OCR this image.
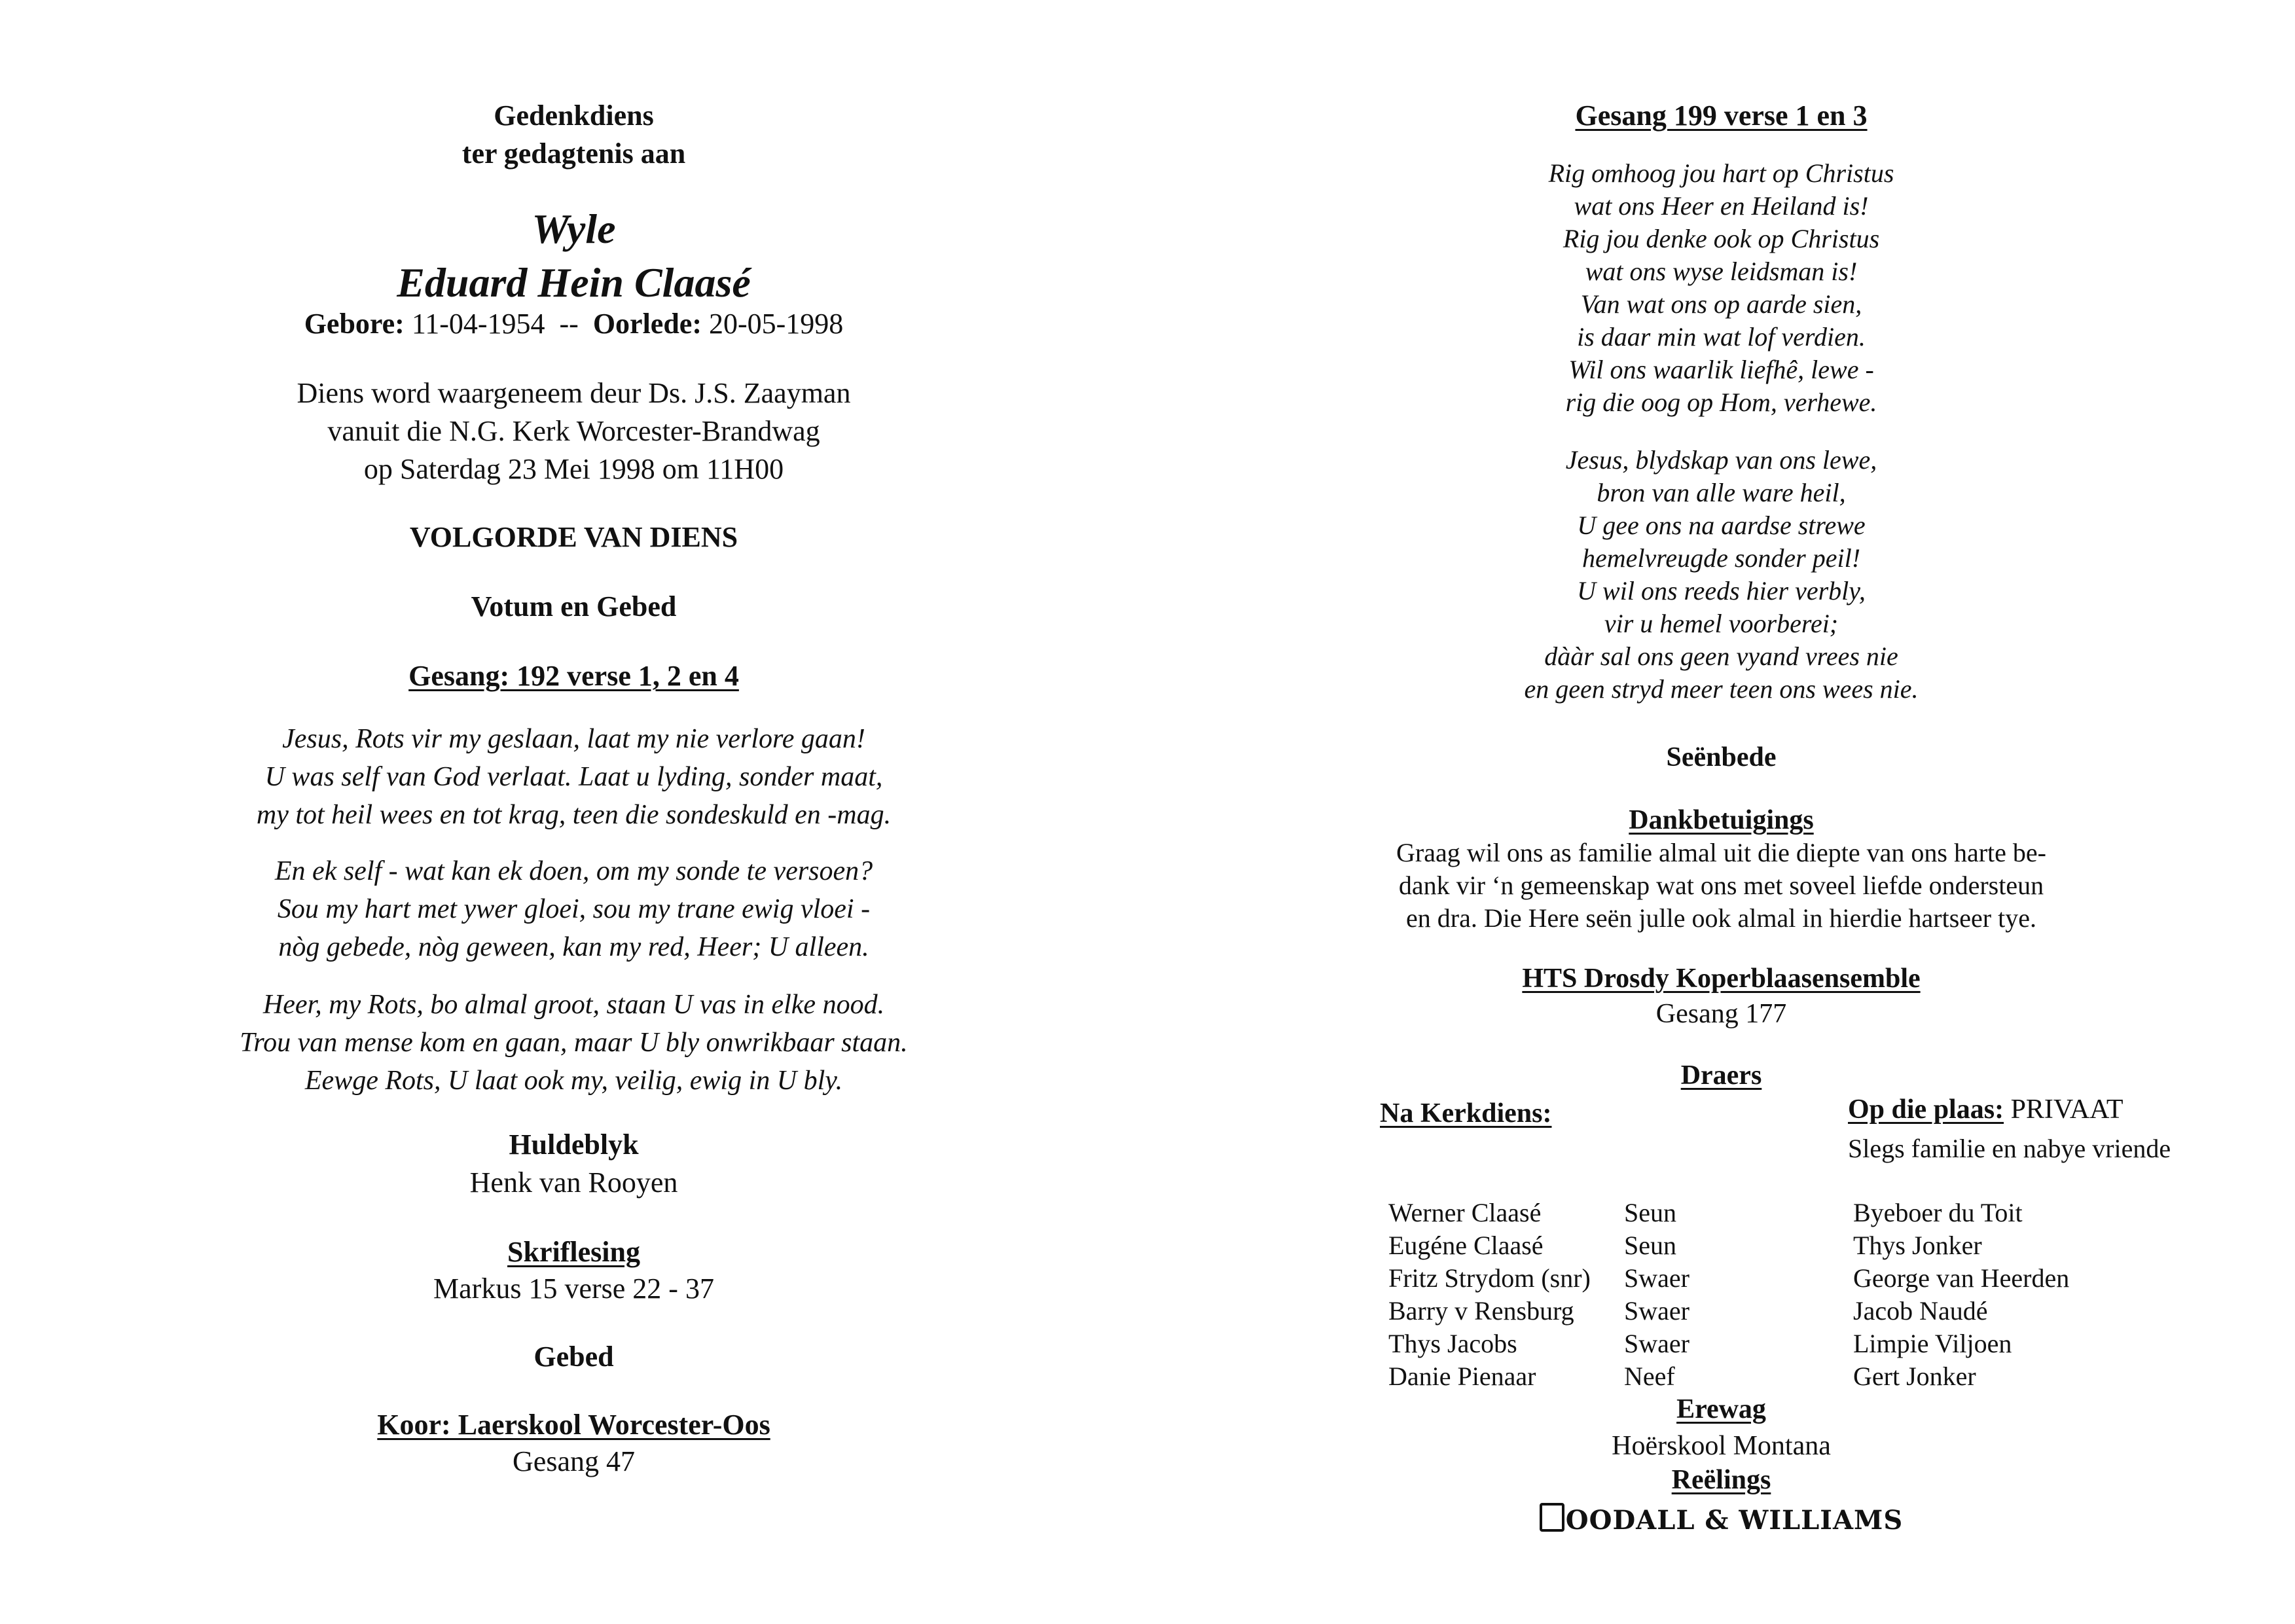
Gedenkdiens
ter gedagtenis aan
Wyle
Eduard Hein Claasé
Gebore: 11-04-1954 -- Oorlede: 20-05-1998
Diens word waargeneem deur Ds. J.S. Zaayman
vanuit die N.G. Kerk Worcester-Brandwag
op Saterdag 23 Mei 1998 om 11H00
VOLGORDE VAN DIENS
Votum en Gebed
Gesang: 192 verse 1, 2 en 4
Jesus, Rots vir my geslaan, laat my nie verlore gaan!
U was self van God verlaat. Laat u lyding, sonder maat,
my tot heil wees en tot krag, teen die sondeskuld en -mag.
En ek self - wat kan ek doen, om my sonde te versoen?
Sou my hart met ywer gloei, sou my trane ewig vloei -
nòg gebede, nòg geween, kan my red, Heer; U alleen.
Heer, my Rots, bo almal groot, staan U vas in elke nood.
Trou van mense kom en gaan, maar U bly onwrikbaar staan.
Eewge Rots, U laat ook my, veilig, ewig in U bly.
Huldeblyk
Henk van Rooyen
Skriflesing
Markus 15 verse 22 - 37
Gebed
Koor: Laerskool Worcester-Oos
Gesang 47
Gesang 199 verse 1 en 3
Rig omhoog jou hart op Christus
wat ons Heer en Heiland is!
Rig jou denke ook op Christus
wat ons wyse leidsman is!
Van wat ons op aarde sien,
is daar min wat lof verdien.
Wil ons waarlik liefhê, lewe -
rig die oog op Hom, verhewe.
Jesus, blydskap van ons lewe,
bron van alle ware heil,
U gee ons na aardse strewe
hemelvreugde sonder peil!
U wil ons reeds hier verbly,
vir u hemel voorberei;
dààr sal ons geen vyand vrees nie
en geen stryd meer teen ons wees nie.
Seënbede
Dankbetuigings
Graag wil ons as familie almal uit die diepte van ons harte be-
dank vir ‘n gemeenskap wat ons met soveel liefde ondersteun
en dra. Die Here seën julle ook almal in hierdie hartseer tye.
HTS Drosdy Koperblaasensemble
Gesang 177
Draers
Na Kerkdiens:	Op die plaas: PRIVAAT
Slegs familie en nabye vriende
Werner Claasé
Eugéne Claasé
Fritz Strydom (snr)
Barry v Rensburg
Thys Jacobs
Danie Pienaar
Seun
Seun
Swaer
Swaer
Swaer
Neef
Byeboer du Toit
Thys Jonker
George van Heerden
Jacob Naudé
Limpie Viljoen
Gert Jonker
Erewag
Hoërskool Montana
Reëlings
OODALL & WILLIAMS
